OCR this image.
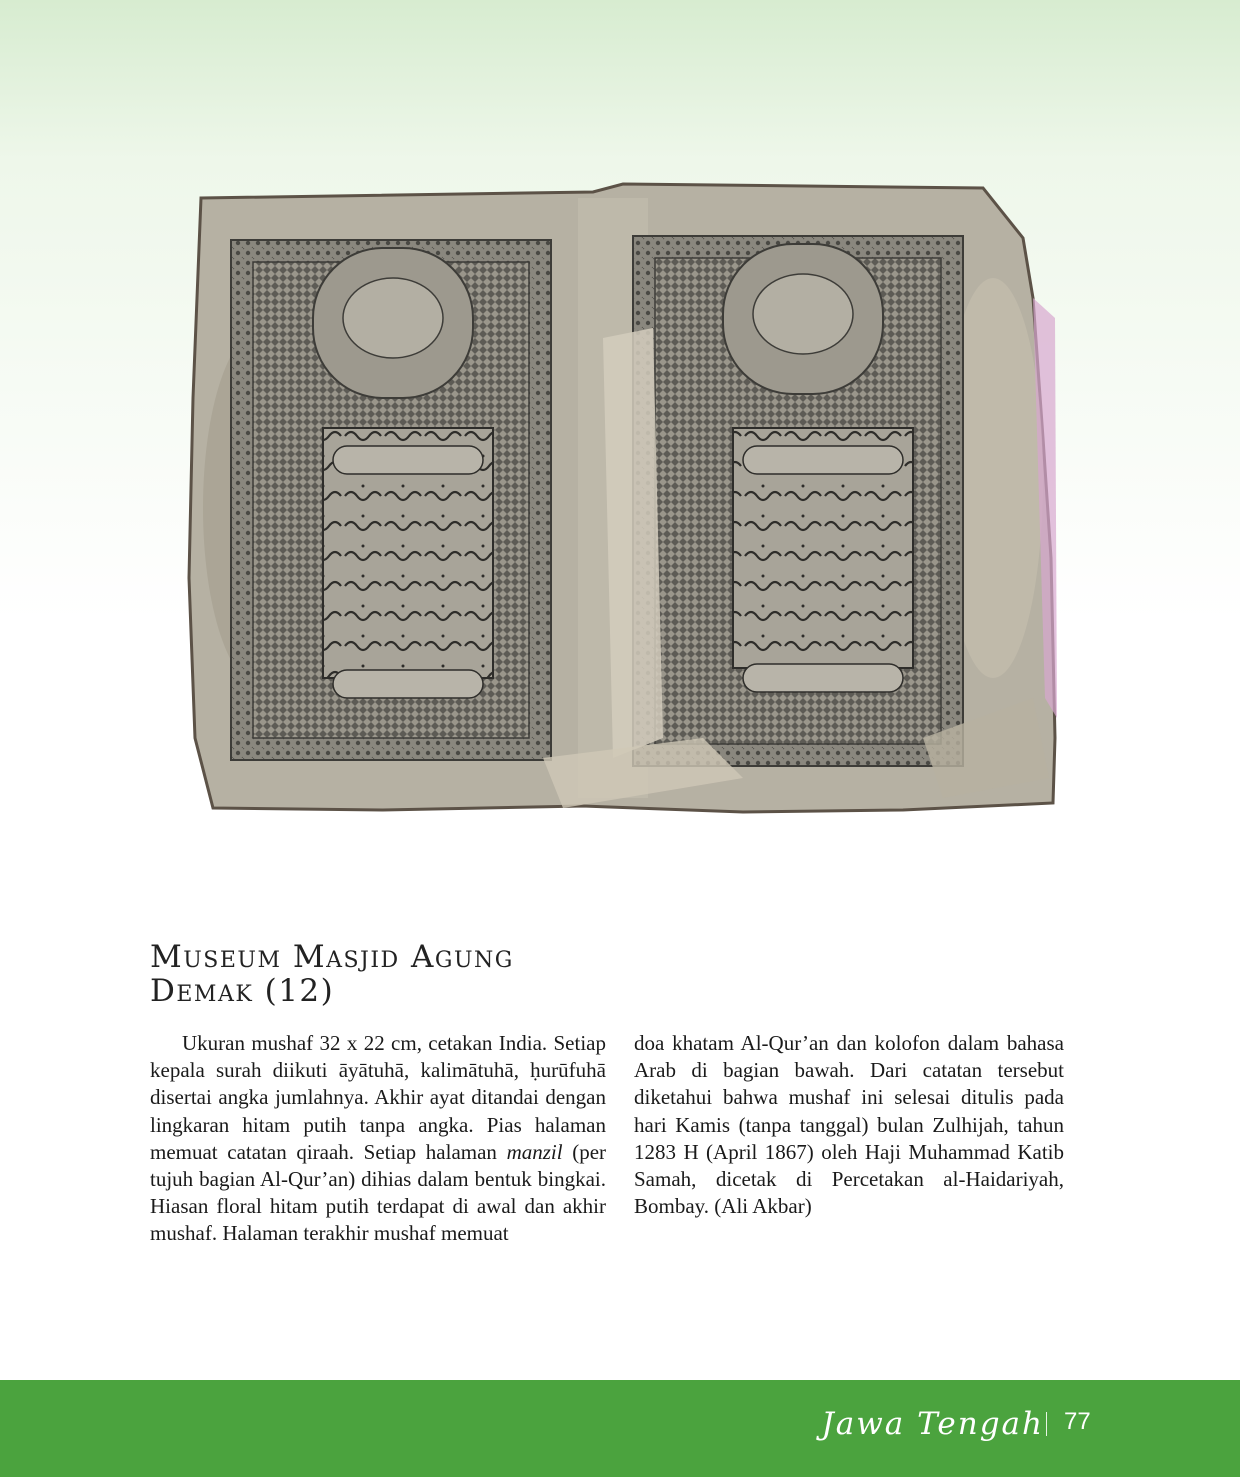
Museum Masjid Agung
Demak (12)

Ukuran mushaf 32 x 22 cm, cetakan India. Setiap kepala surah diikuti āyātuhā, kalimātuhā, ḥurūfuhā disertai angka jumlahnya. Akhir ayat ditandai dengan lingkaran hitam putih tanpa angka. Pias halaman memuat catatan qiraah. Setiap halaman manzil (per tujuh bagian Al-Qur’an) dihias dalam bentuk bingkai. Hiasan floral hitam putih terdapat di awal dan akhir mushaf. Halaman terakhir mushaf memuat

doa khatam Al-Qur’an dan kolofon dalam bahasa Arab di bagian bawah. Dari catatan tersebut diketahui bahwa mushaf ini selesai ditulis pada hari Kamis (tanpa tanggal) bulan Zulhijah, tahun 1283 H (April 1867) oleh Haji Muhammad Katib Samah, dicetak di Percetakan al-Haidariyah, Bombay. (Ali Akbar)

Jawa Tengah 77
